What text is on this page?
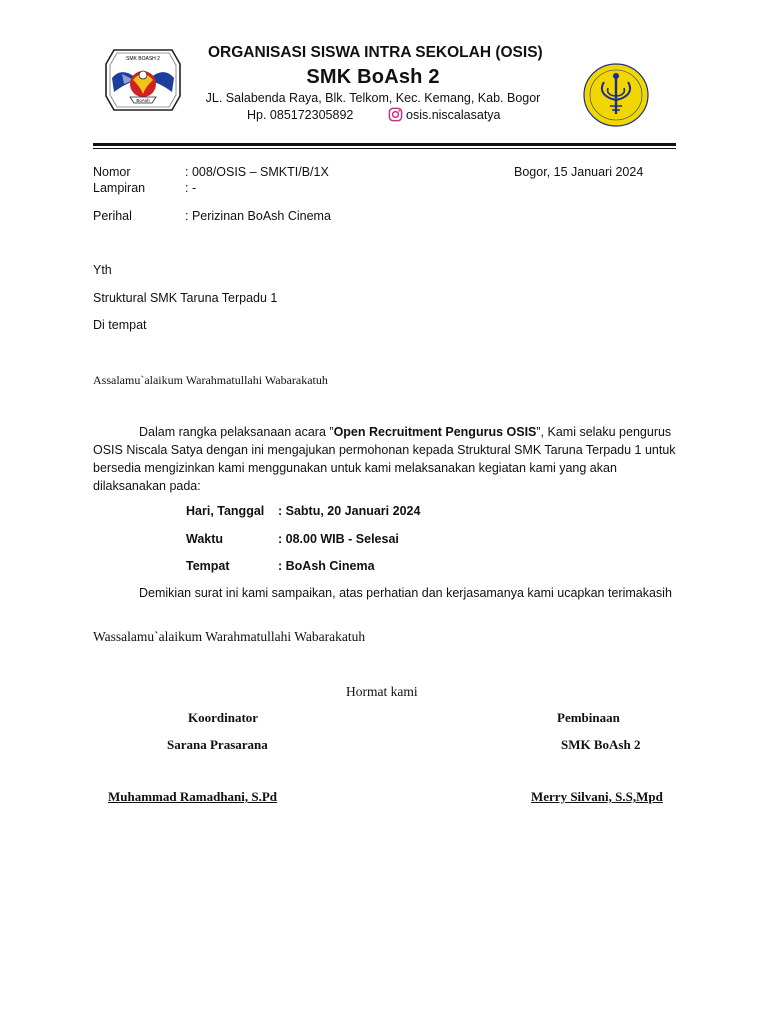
SMK BOASH 2
BoAsh
ORGANISASI SISWA INTRA SEKOLAH (OSIS)
SMK BoAsh 2
JL. Salabenda Raya, Blk. Telkom, Kec. Kemang, Kab. Bogor
Hp. 085172305892	osis.niscalasatya
Nomor	: 008/OSIS – SMKTI/B/1X	Bogor, 15 Januari 2024
Lampiran	: -
Perihal	: Perizinan BoAsh Cinema
Yth
Struktural SMK Taruna Terpadu 1
Di tempat
Assalamu`alaikum Warahmatullahi Wabarakatuh
Dalam rangka pelaksanaan acara ”Open Recruitment Pengurus OSIS”, Kami selaku pengurus OSIS Niscala Satya dengan ini mengajukan permohonan kepada Struktural SMK Taruna Terpadu 1 untuk bersedia mengizinkan kami menggunakan untuk kami melaksanakan kegiatan kami yang akan dilaksanakan pada:
Hari, Tanggal : Sabtu, 20 Januari 2024
Waktu	: 08.00 WIB - Selesai
Tempat	: BoAsh Cinema
Demikian surat ini kami sampaikan, atas perhatian dan kerjasamanya kami ucapkan terimakasih
Wassalamu`alaikum Warahmatullahi Wabarakatuh
Hormat kami
Koordinator
Sarana Prasarana
Muhammad Ramadhani, S.Pd
Pembinaan
SMK BoAsh 2
Merry Silvani, S.S,Mpd
